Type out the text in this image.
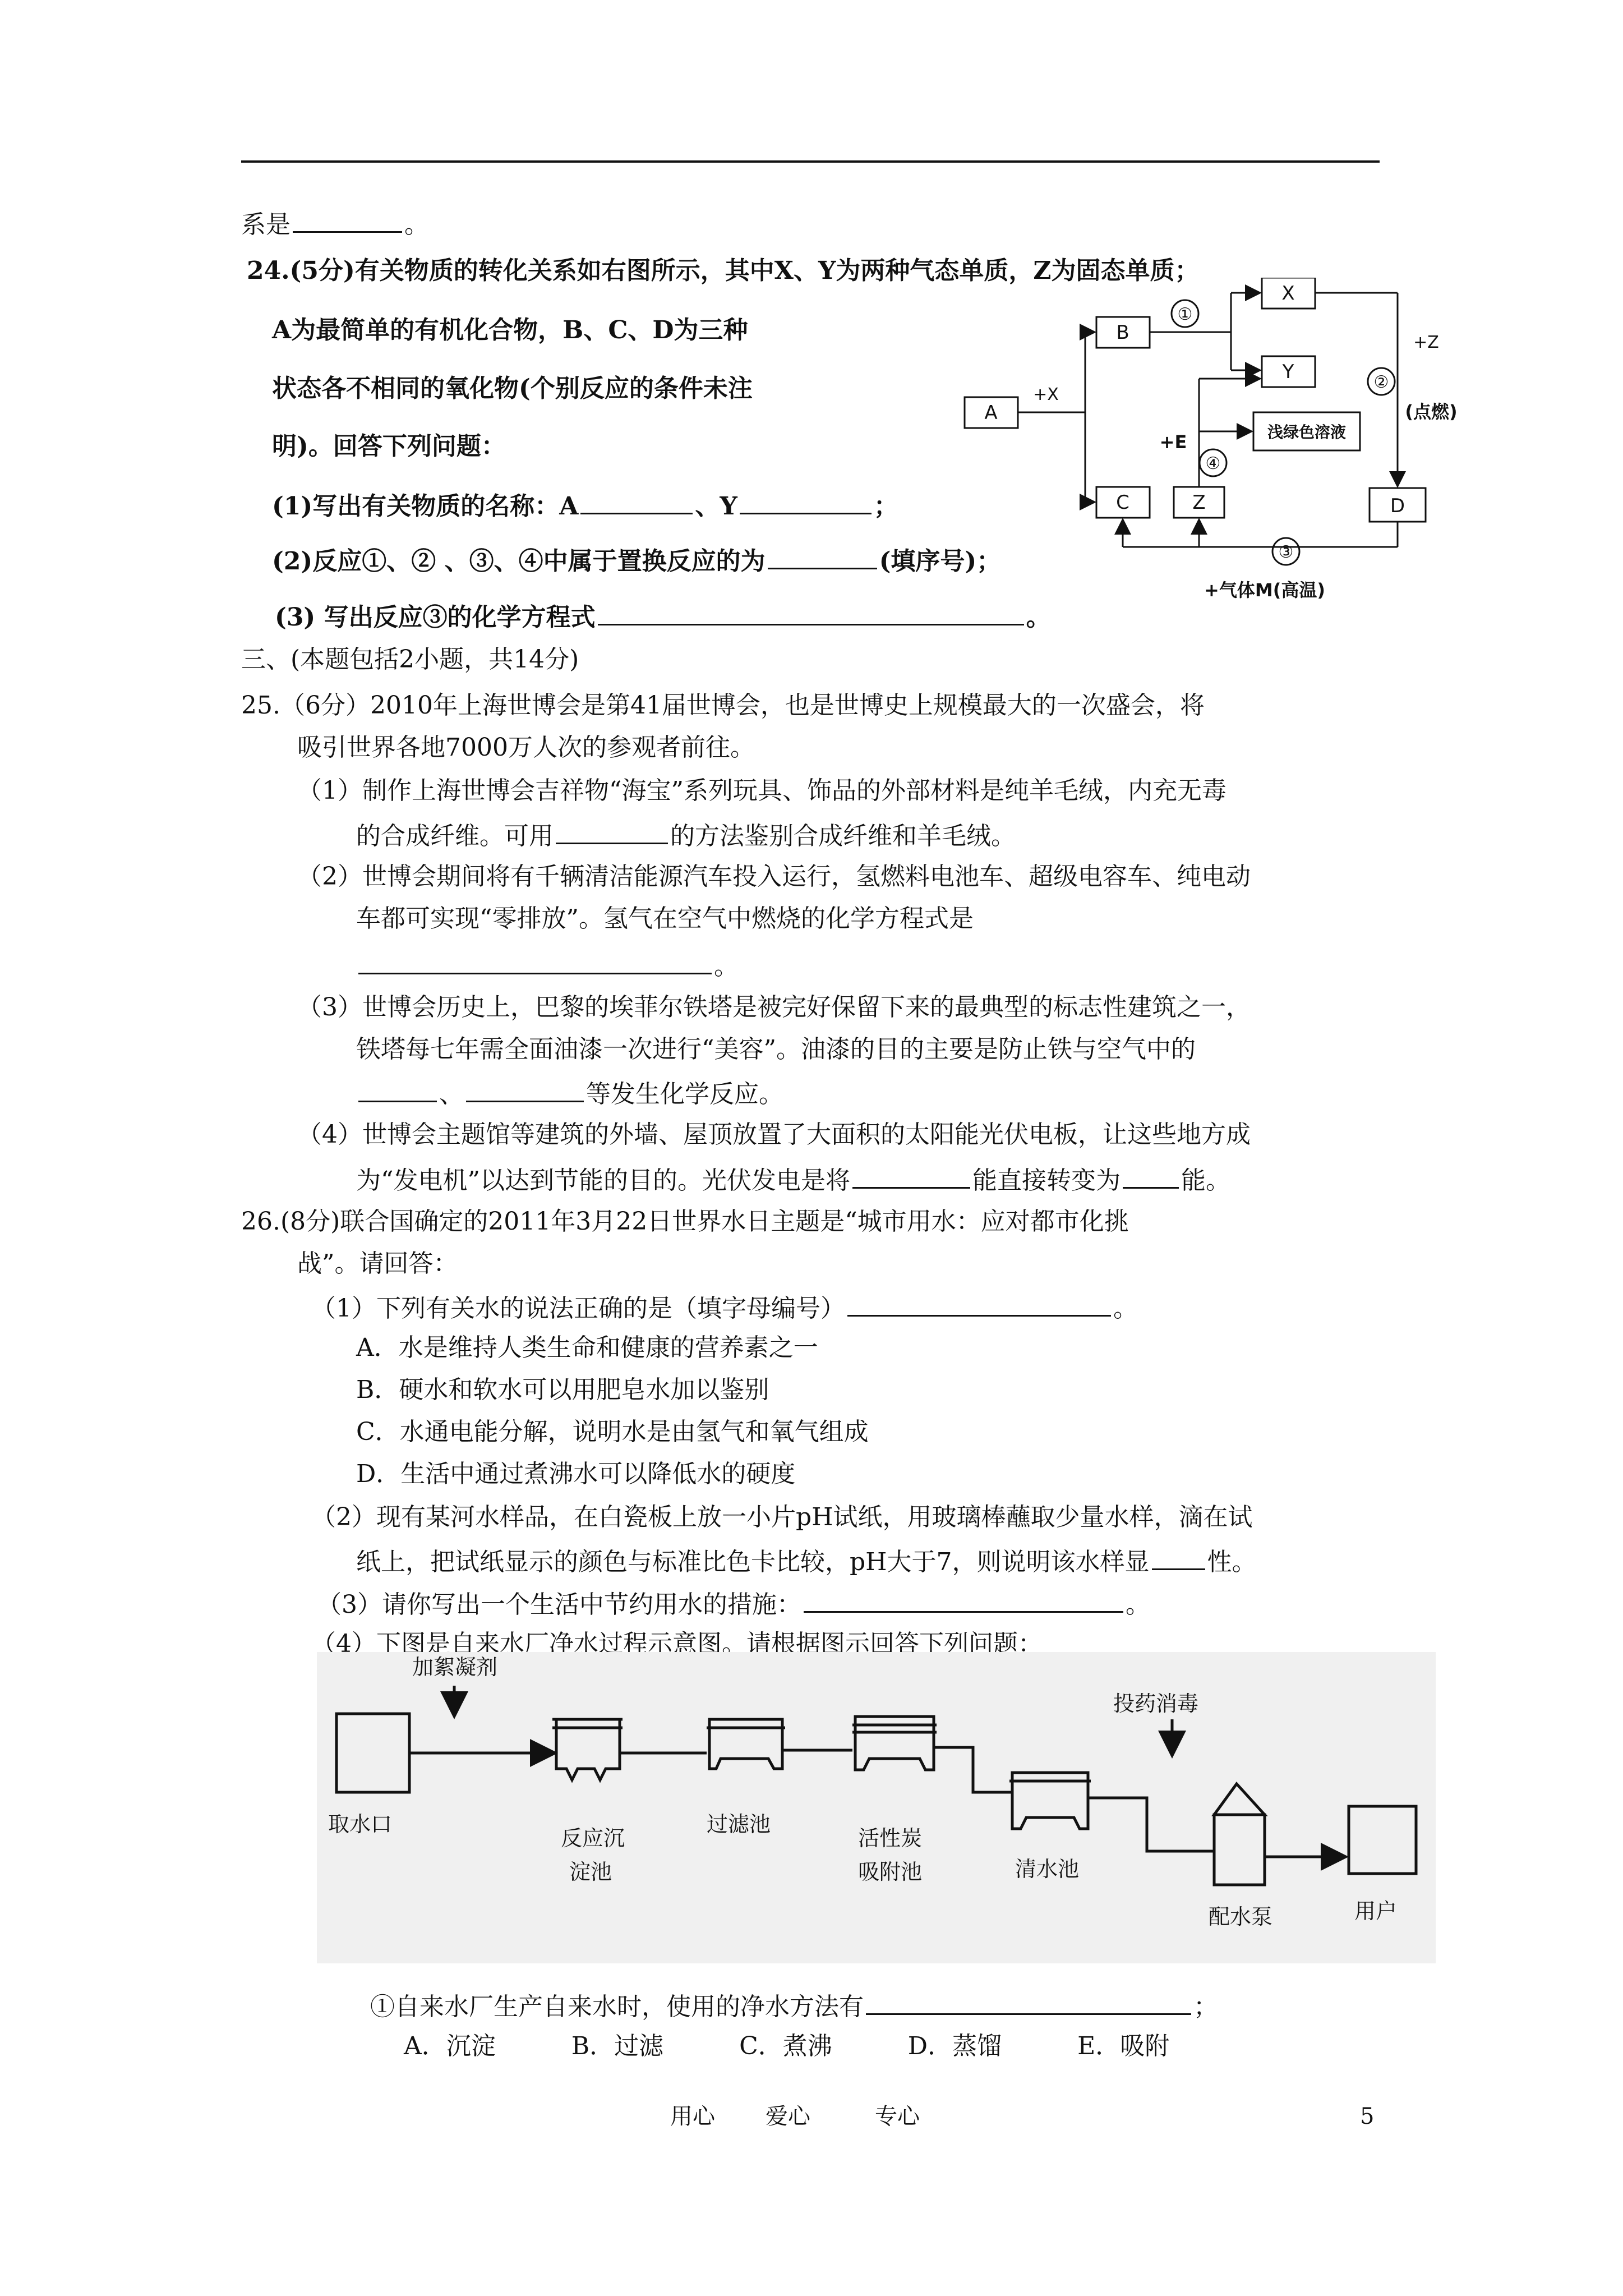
系是	。
24.(5分)有关物质的转化关系如右图所示，其中X、Y为两种气态单质，Z为固态单质；
A为最简单的有机化合物，B、C、D为三种
状态各不相同的氧化物(个别反应的条件未注
明)。回答下列问题：
(1)写出有关物质的名称：A	、Y	；
(2)反应①、② 、③、④中属于置换反应的为	(填序号)；
(3) 写出反应③的化学方程式	。
A
B
C	Z
X
Y
D
+X
①
②
③
④
+Z
(点燃)
+E	浅绿色溶液
+气体M(高温)
三、(本题包括2小题，共14分)
25.（6分）2010年上海世博会是第41届世博会，也是世博史上规模最大的一次盛会，将
吸引世界各地7000万人次的参观者前往。
（1）制作上海世博会吉祥物“海宝”系列玩具、饰品的外部材料是纯羊毛绒，内充无毒
的合成纤维。可用	的方法鉴别合成纤维和羊毛绒。
（2）世博会期间将有千辆清洁能源汽车投入运行，氢燃料电池车、超级电容车、纯电动
车都可实现“零排放”。氢气在空气中燃烧的化学方程式是
。
（3）世博会历史上，巴黎的埃菲尔铁塔是被完好保留下来的最典型的标志性建筑之一，
铁塔每七年需全面油漆一次进行“美容”。油漆的目的主要是防止铁与空气中的
、	等发生化学反应。
（4）世博会主题馆等建筑的外墙、屋顶放置了大面积的太阳能光伏电板，让这些地方成
为“发电机”以达到节能的目的。光伏发电是将	能直接转变为 能。
26.(8分)联合国确定的2011年3月22日世界水日主题是“城市用水：应对都市化挑
战”。请回答：
（1）下列有关水的说法正确的是（填字母编号）	。
A．水是维持人类生命和健康的营养素之一
B．硬水和软水可以用肥皂水加以鉴别
C．水通电能分解，说明水是由氢气和氧气组成
D．生活中通过煮沸水可以降低水的硬度
（2）现有某河水样品，在白瓷板上放一小片pH试纸，用玻璃棒蘸取少量水样，滴在试
纸上，把试纸显示的颜色与标准比色卡比较，pH大于7，则说明该水样显 性。
（3）请你写出一个生活中节约用水的措施：	。
（4）下图是自来水厂净水过程示意图。请根据图示回答下列问题：
加絮凝剂
取水口
反应沉
淀池
过滤池
活性炭
吸附池	清水池
投药消毒
配水泵	用户
①自来水厂生产自来水时，使用的净水方法有	；
A．沉淀	B．过滤	C．煮沸	D．蒸馏	E．吸附
用心 爱心	专心	5
